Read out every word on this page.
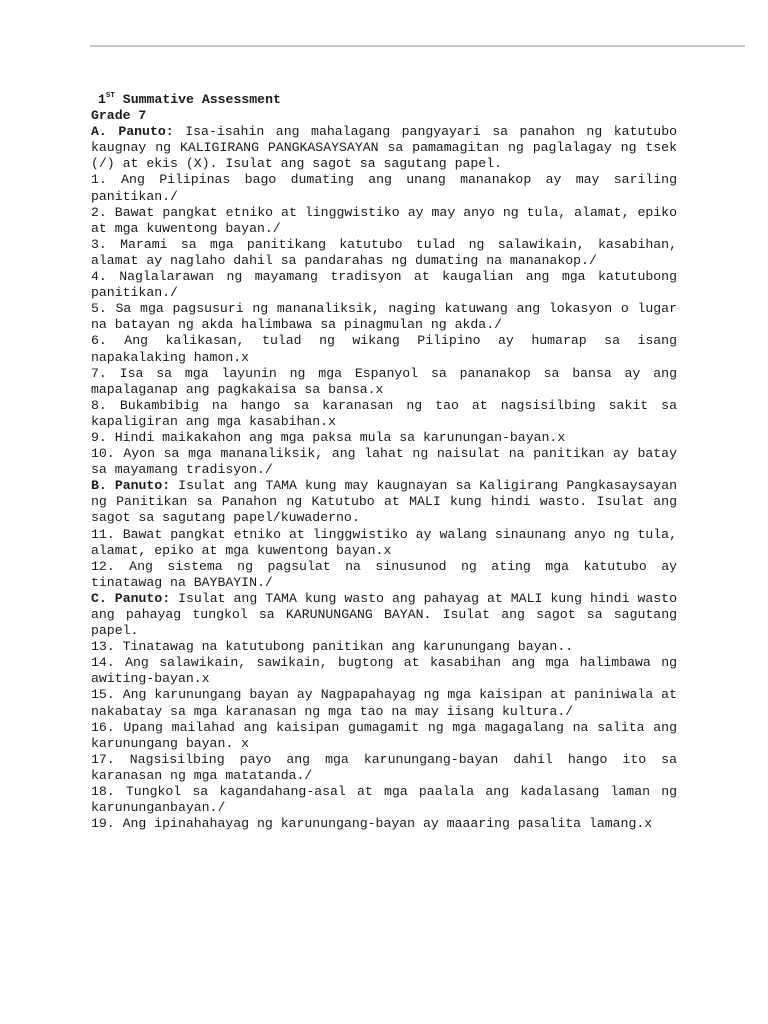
1ST Summative Assessment

Grade 7

A. Panuto: Isa-isahin ang mahalagang pangyayari sa panahon ng katutubo kaugnay ng KALIGIRANG PANGKASAYSAYAN sa pamamagitan ng paglalagay ng tsek (/) at ekis (X). Isulat ang sagot sa sagutang papel.

1. Ang Pilipinas bago dumating ang unang mananakop ay may sariling panitikan./

2. Bawat pangkat etniko at linggwistiko ay may anyo ng tula, alamat, epiko at mga kuwentong bayan./

3. Marami sa mga panitikang katutubo tulad ng salawikain, kasabihan, alamat ay naglaho dahil sa pandarahas ng dumating na mananakop./

4. Naglalarawan ng mayamang tradisyon at kaugalian ang mga katutubong panitikan./

5. Sa mga pagsusuri ng mananaliksik, naging katuwang ang lokasyon o lugar na batayan ng akda halimbawa sa pinagmulan ng akda./

6. Ang kalikasan, tulad ng wikang Pilipino ay humarap sa isang napakalaking hamon.x

7. Isa sa mga layunin ng mga Espanyol sa pananakop sa bansa ay ang mapalaganap ang pagkakaisa sa bansa.x

8. Bukambibig na hango sa karanasan ng tao at nagsisilbing sakit sa kapaligiran ang mga kasabihan.x

9. Hindi maikakahon ang mga paksa mula sa karunungan-bayan.x

10. Ayon sa mga mananaliksik, ang lahat ng naisulat na panitikan ay batay sa mayamang tradisyon./

B. Panuto: Isulat ang TAMA kung may kaugnayan sa Kaligirang Pangkasaysayan ng Panitikan sa Panahon ng Katutubo at MALI kung hindi wasto. Isulat ang sagot sa sagutang papel/kuwaderno.

11. Bawat pangkat etniko at linggwistiko ay walang sinaunang anyo ng tula, alamat, epiko at mga kuwentong bayan.x

12. Ang sistema ng pagsulat na sinusunod ng ating mga katutubo ay tinatawag na BAYBAYIN./

C. Panuto: Isulat ang TAMA kung wasto ang pahayag at MALI kung hindi wasto ang pahayag tungkol sa KARUNUNGANG BAYAN. Isulat ang sagot sa sagutang papel.

13. Tinatawag na katutubong panitikan ang karunungang bayan..

14. Ang salawikain, sawikain, bugtong at kasabihan ang mga halimbawa ng awiting-bayan.x

15. Ang karunungang bayan ay Nagpapahayag ng mga kaisipan at paniniwala at nakabatay sa mga karanasan ng mga tao na may iisang kultura./

16. Upang mailahad ang kaisipan gumagamit ng mga magagalang na salita ang karunungang bayan. x

17. Nagsisilbing payo ang mga karunungang-bayan dahil hango ito sa karanasan ng mga matatanda./

18. Tungkol sa kagandahang-asal at mga paalala ang kadalasang laman ng karununganbayan./

19. Ang ipinahahayag ng karunungang-bayan ay maaaring pasalita lamang.x
